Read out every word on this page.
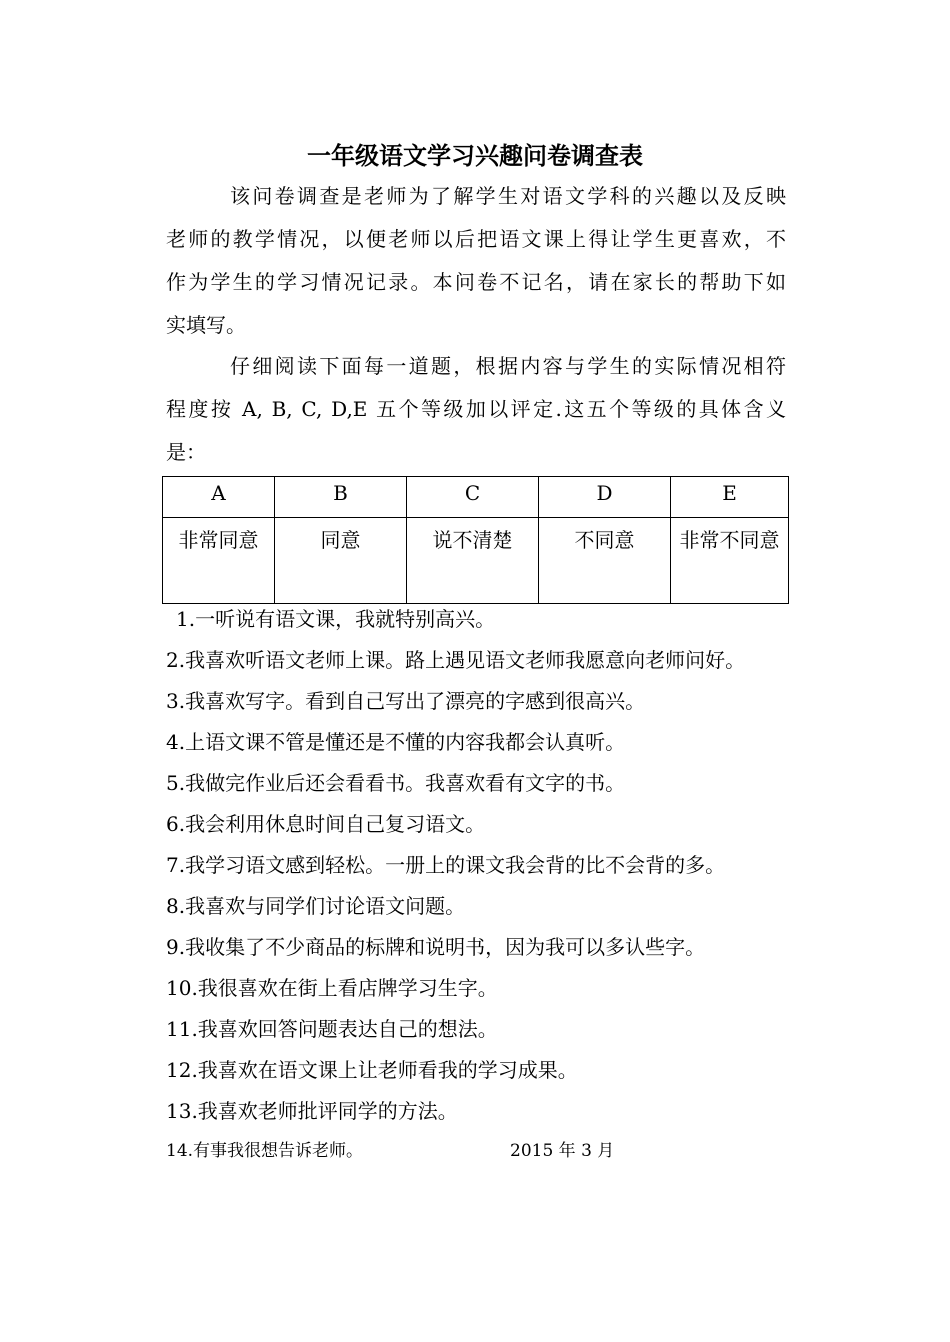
一年级语文学习兴趣问卷调查表
该问卷调查是老师为了解学生对语文学科的兴趣以及反映
老师的教学情况，以便老师以后把语文课上得让学生更喜欢，不
作为学生的学习情况记录。本问卷不记名，请在家长的帮助下如
实填写。
仔细阅读下面每一道题，根据内容与学生的实际情况相符
程度按 A, B, C, D,E 五个等级加以评定.这五个等级的具体含义
是：
A	B	C	D	E
非常同意	同意	说不清楚	不同意	非常不同意
1.一听说有语文课，我就特别高兴。
2.我喜欢听语文老师上课。路上遇见语文老师我愿意向老师问好。
3.我喜欢写字。看到自己写出了漂亮的字感到很高兴。
4.上语文课不管是懂还是不懂的内容我都会认真听。
5.我做完作业后还会看看书。我喜欢看有文字的书。
6.我会利用休息时间自己复习语文。
7.我学习语文感到轻松。一册上的课文我会背的比不会背的多。
8.我喜欢与同学们讨论语文问题。
9.我收集了不少商品的标牌和说明书，因为我可以多认些字。
10.我很喜欢在街上看店牌学习生字。
11.我喜欢回答问题表达自己的想法。
12.我喜欢在语文课上让老师看我的学习成果。
13.我喜欢老师批评同学的方法。
14.有事我很想告诉老师。	2015 年 3 月
